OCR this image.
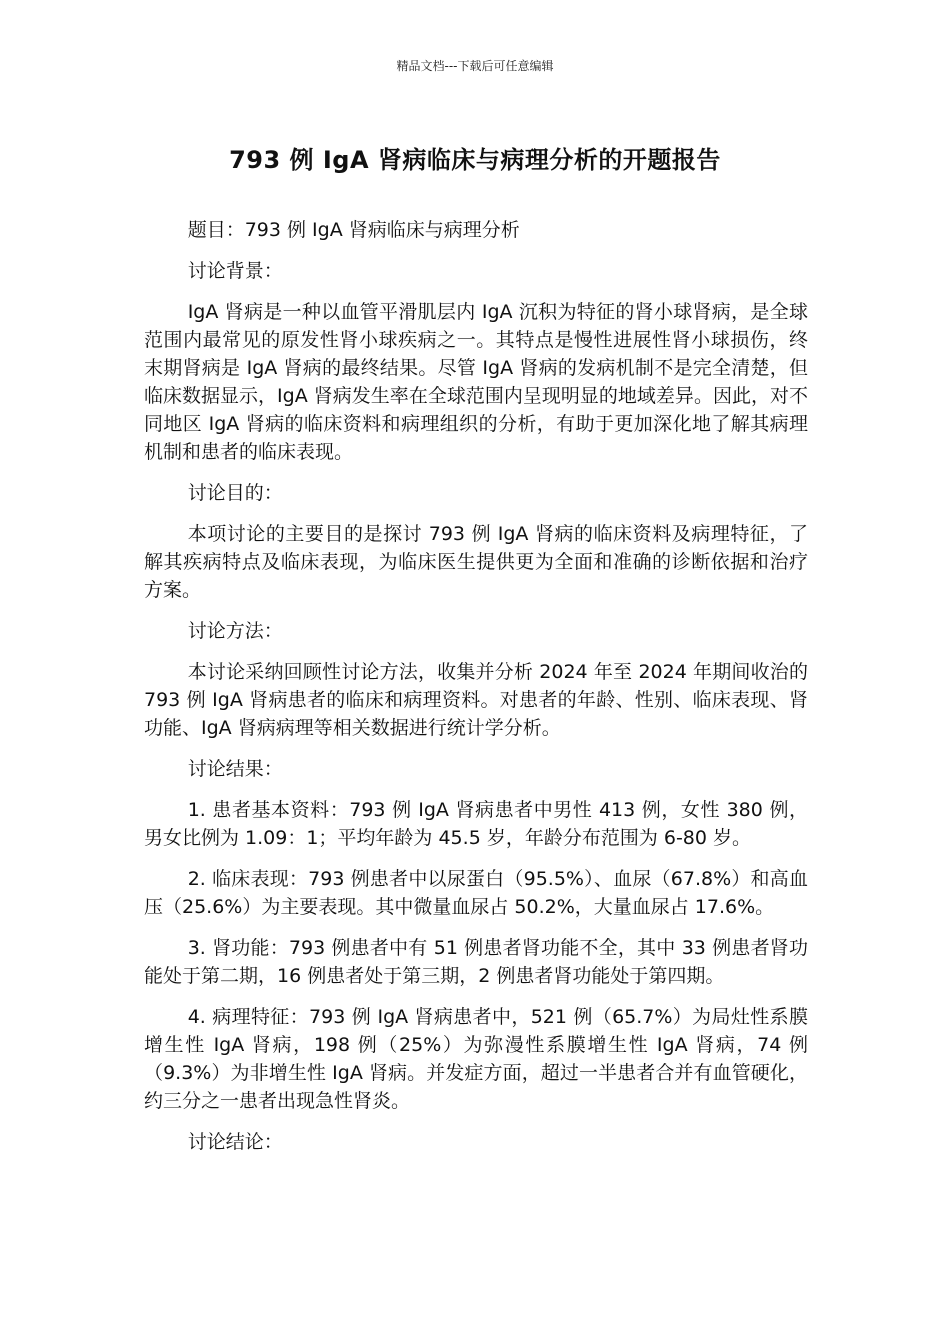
精品文档---下载后可任意编辑
793 例 IgA 肾病临床与病理分析的开题报告

题目：793 例 IgA 肾病临床与病理分析

讨论背景：

IgA 肾病是一种以血管平滑肌层内 IgA 沉积为特征的肾小球肾病，是全球范围内最常见的原发性肾小球疾病之一。其特点是慢性进展性肾小球损伤，终末期肾病是 IgA 肾病的最终结果。尽管 IgA 肾病的发病机制不是完全清楚，但临床数据显示，IgA 肾病发生率在全球范围内呈现明显的地域差异。因此，对不同地区 IgA 肾病的临床资料和病理组织的分析，有助于更加深化地了解其病理机制和患者的临床表现。

讨论目的：

本项讨论的主要目的是探讨 793 例 IgA 肾病的临床资料及病理特征，了解其疾病特点及临床表现，为临床医生提供更为全面和准确的诊断依据和治疗方案。

讨论方法：

本讨论采纳回顾性讨论方法，收集并分析 2024 年至 2024 年期间收治的 793 例 IgA 肾病患者的临床和病理资料。对患者的年龄、性别、临床表现、肾功能、IgA 肾病病理等相关数据进行统计学分析。

讨论结果：

1. 患者基本资料：793 例 IgA 肾病患者中男性 413 例，女性 380 例，男女比例为 1.09：1；平均年龄为 45.5 岁，年龄分布范围为 6-80 岁。

2. 临床表现：793 例患者中以尿蛋白（95.5%）、血尿（67.8%）和高血压（25.6%）为主要表现。其中微量血尿占 50.2%，大量血尿占 17.6%。

3. 肾功能：793 例患者中有 51 例患者肾功能不全，其中 33 例患者肾功能处于第二期，16 例患者处于第三期，2 例患者肾功能处于第四期。

4. 病理特征：793 例 IgA 肾病患者中，521 例（65.7%）为局灶性系膜增生性 IgA 肾病，198 例（25%）为弥漫性系膜增生性 IgA 肾病，74 例（9.3%）为非增生性 IgA 肾病。并发症方面，超过一半患者合并有血管硬化，约三分之一患者出现急性肾炎。

讨论结论：
